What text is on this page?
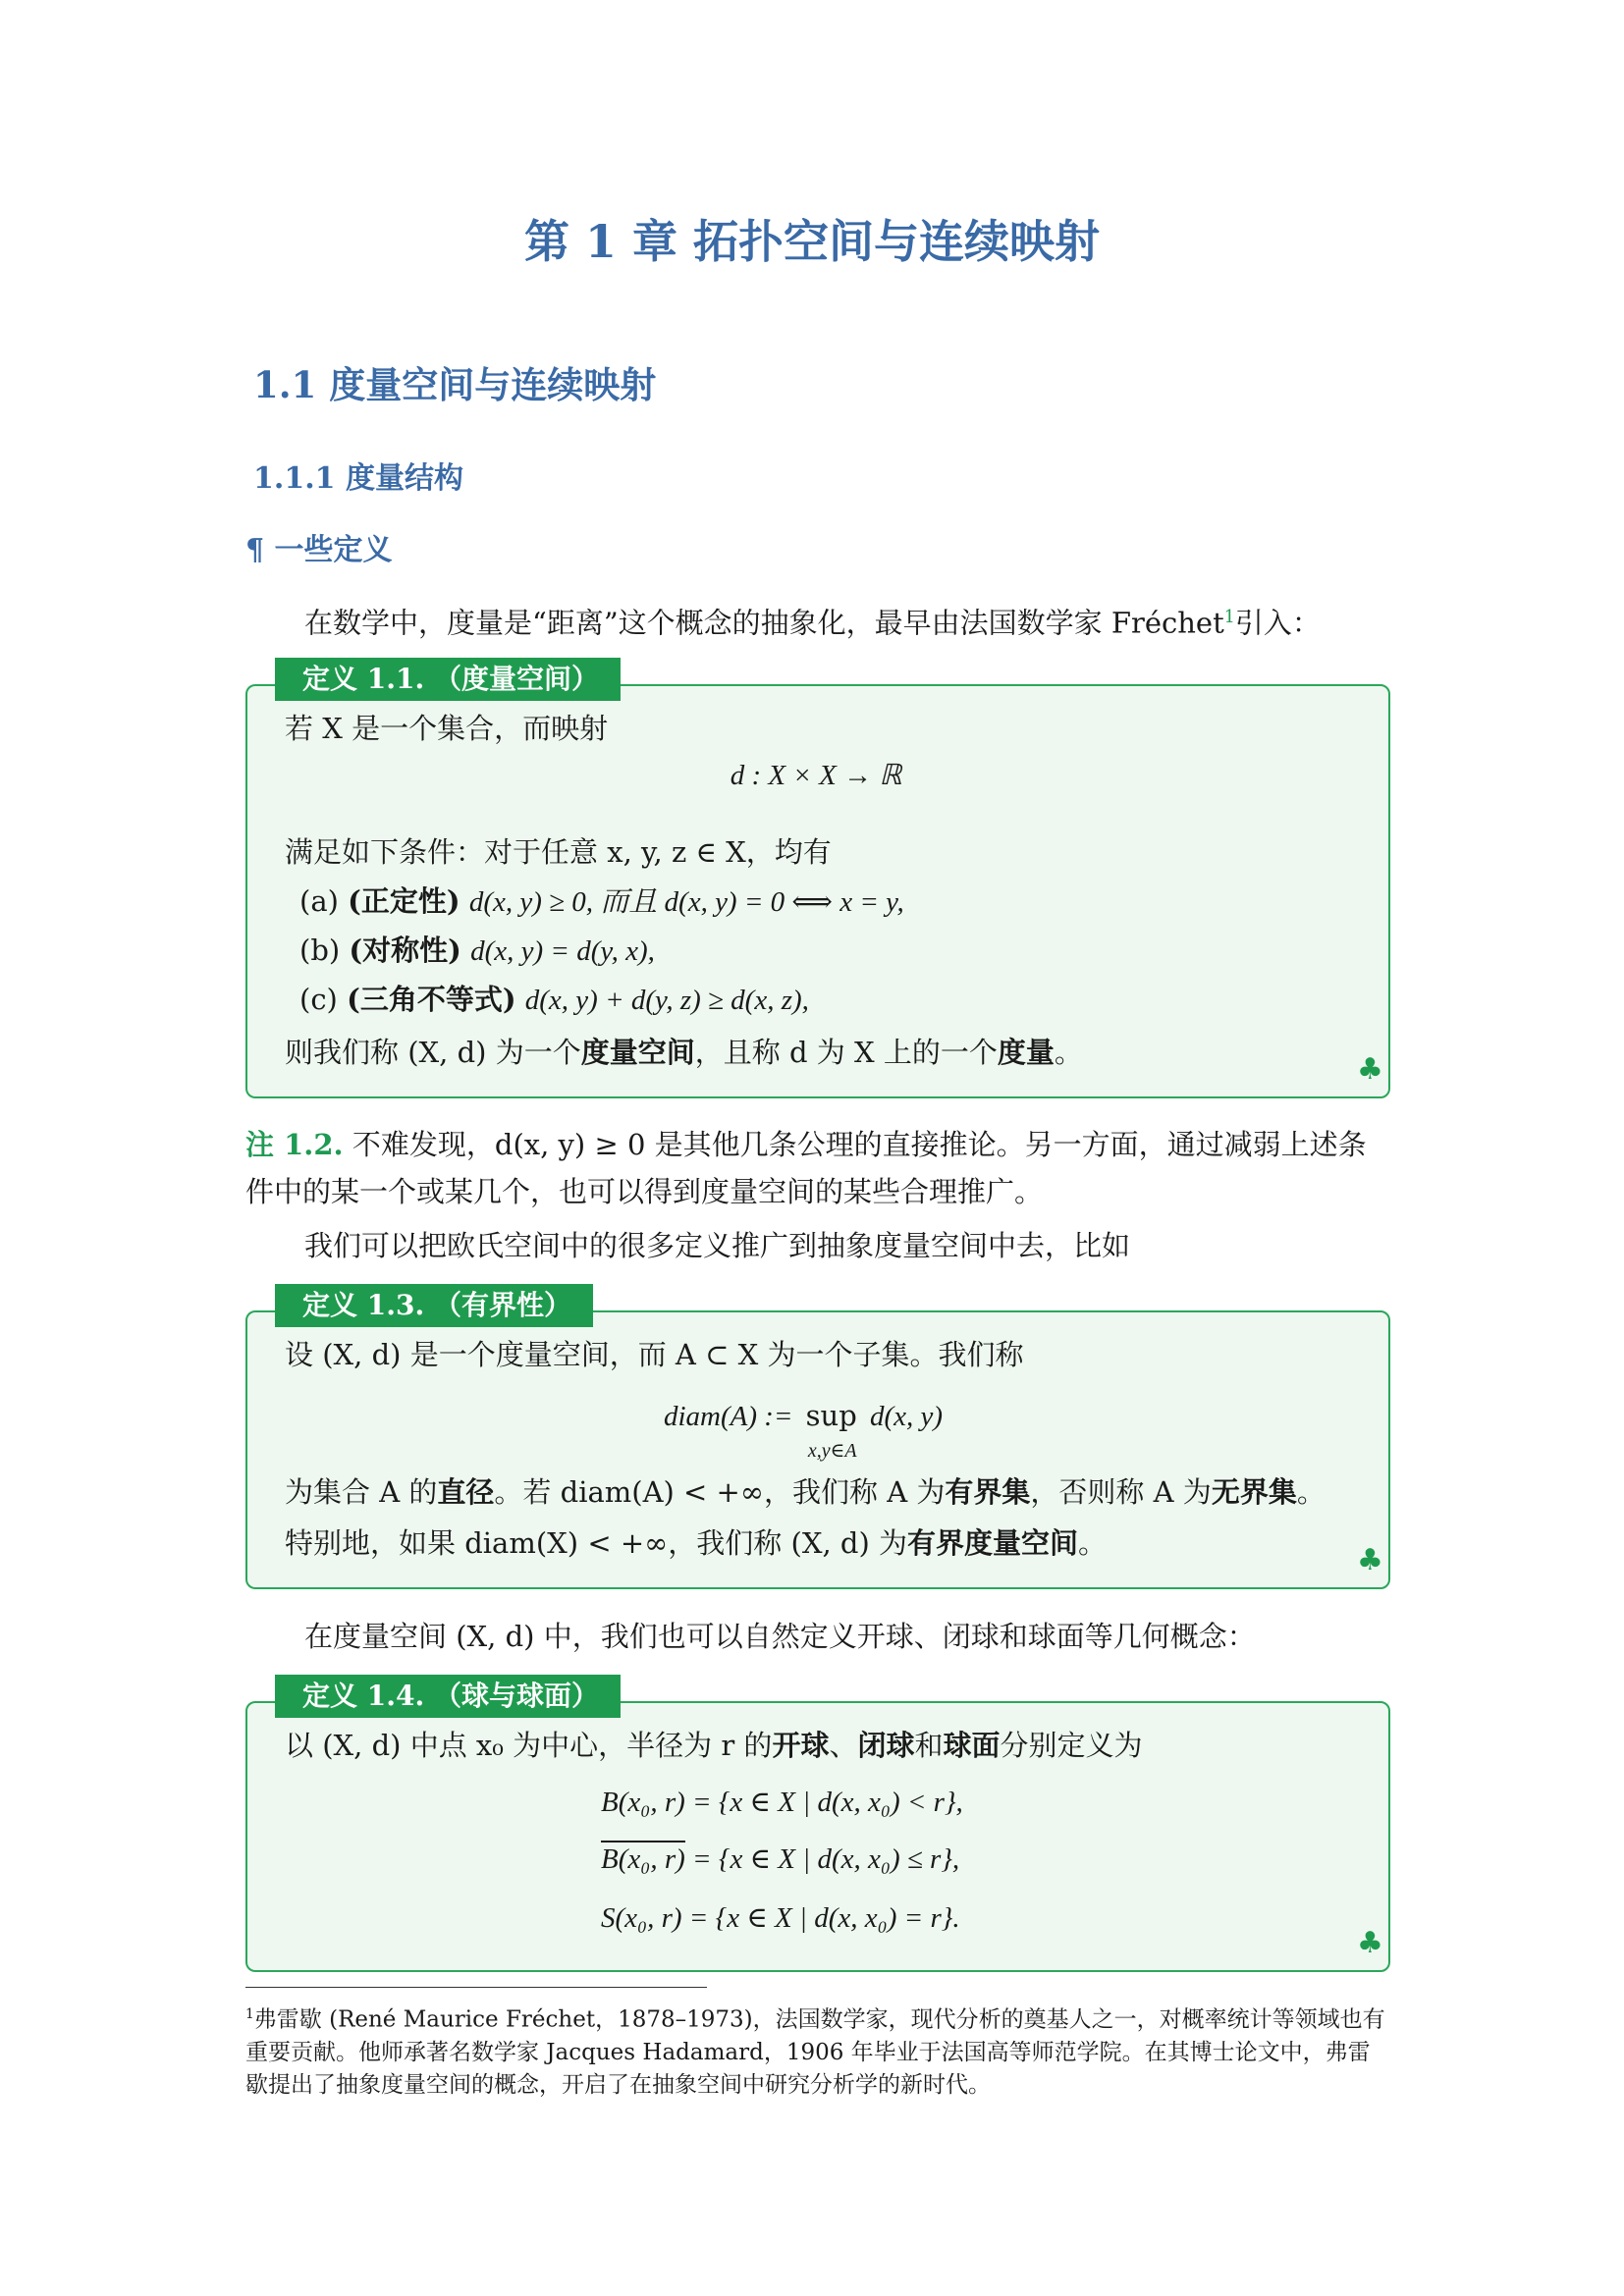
第 1 章 拓扑空间与连续映射
1.1 度量空间与连续映射
1.1.1 度量结构
¶ 一些定义
在数学中，度量是“距离”这个概念的抽象化，最早由法国数学家 Fréchet$^1$引入：
定义 1.1. （度量空间）
若 X 是一个集合，而映射
d : X × X → ℝ
满足如下条件：对于任意 x, y, z ∈ X，均有
(a) (正定性) d(x, y) ≥ 0, 而且 d(x, y) = 0 ⟺ x = y,
(b) (对称性) d(x, y) = d(y, x),
(c) (三角不等式) d(x, y) + d(y, z) ≥ d(x, z),
则我们称 (X, d) 为一个度量空间，且称 d 为 X 上的一个度量。	♣
注 1.2. 不难发现，d(x, y) ≥ 0 是其他几条公理的直接推论。另一方面，通过减弱上述条
件中的某一个或某几个，也可以得到度量空间的某些合理推广。
我们可以把欧氏空间中的很多定义推广到抽象度量空间中去，比如
定义 1.3. （有界性）
设 (X, d) 是一个度量空间，而 A ⊂ X 为一个子集。我们称
diam(A) := sup
x,y∈A
d(x, y)
为集合 A 的直径。若 diam(A) < +∞，我们称 A 为有界集，否则称 A 为无界集。
特别地，如果 diam(X) < +∞，我们称 (X, d) 为有界度量空间。	♣
在度量空间 (X, d) 中，我们也可以自然定义开球、闭球和球面等几何概念：
定义 1.4. （球与球面）
以 (X, d) 中点 x₀ 为中心，半径为 r 的开球、闭球和球面分别定义为
B(x₀, r) = {x ∈ X | d(x, x₀) < r},
B(x₀, r) = {x ∈ X | d(x, x₀) ≤ r},
S(x₀, r) = {x ∈ X | d(x, x₀) = r}.
♣
$^1$弗雷歇 (René Maurice Fréchet，1878–1973)，法国数学家，现代分析的奠基人之一，对概率统计等领域也有重要贡献。他师承著名数学家 Jacques Hadamard，1906 年毕业于法国高等师范学院。在其博士论文中，弗雷歇提出了抽象度量空间的概念，开启了在抽象空间中研究分析学的新时代。
